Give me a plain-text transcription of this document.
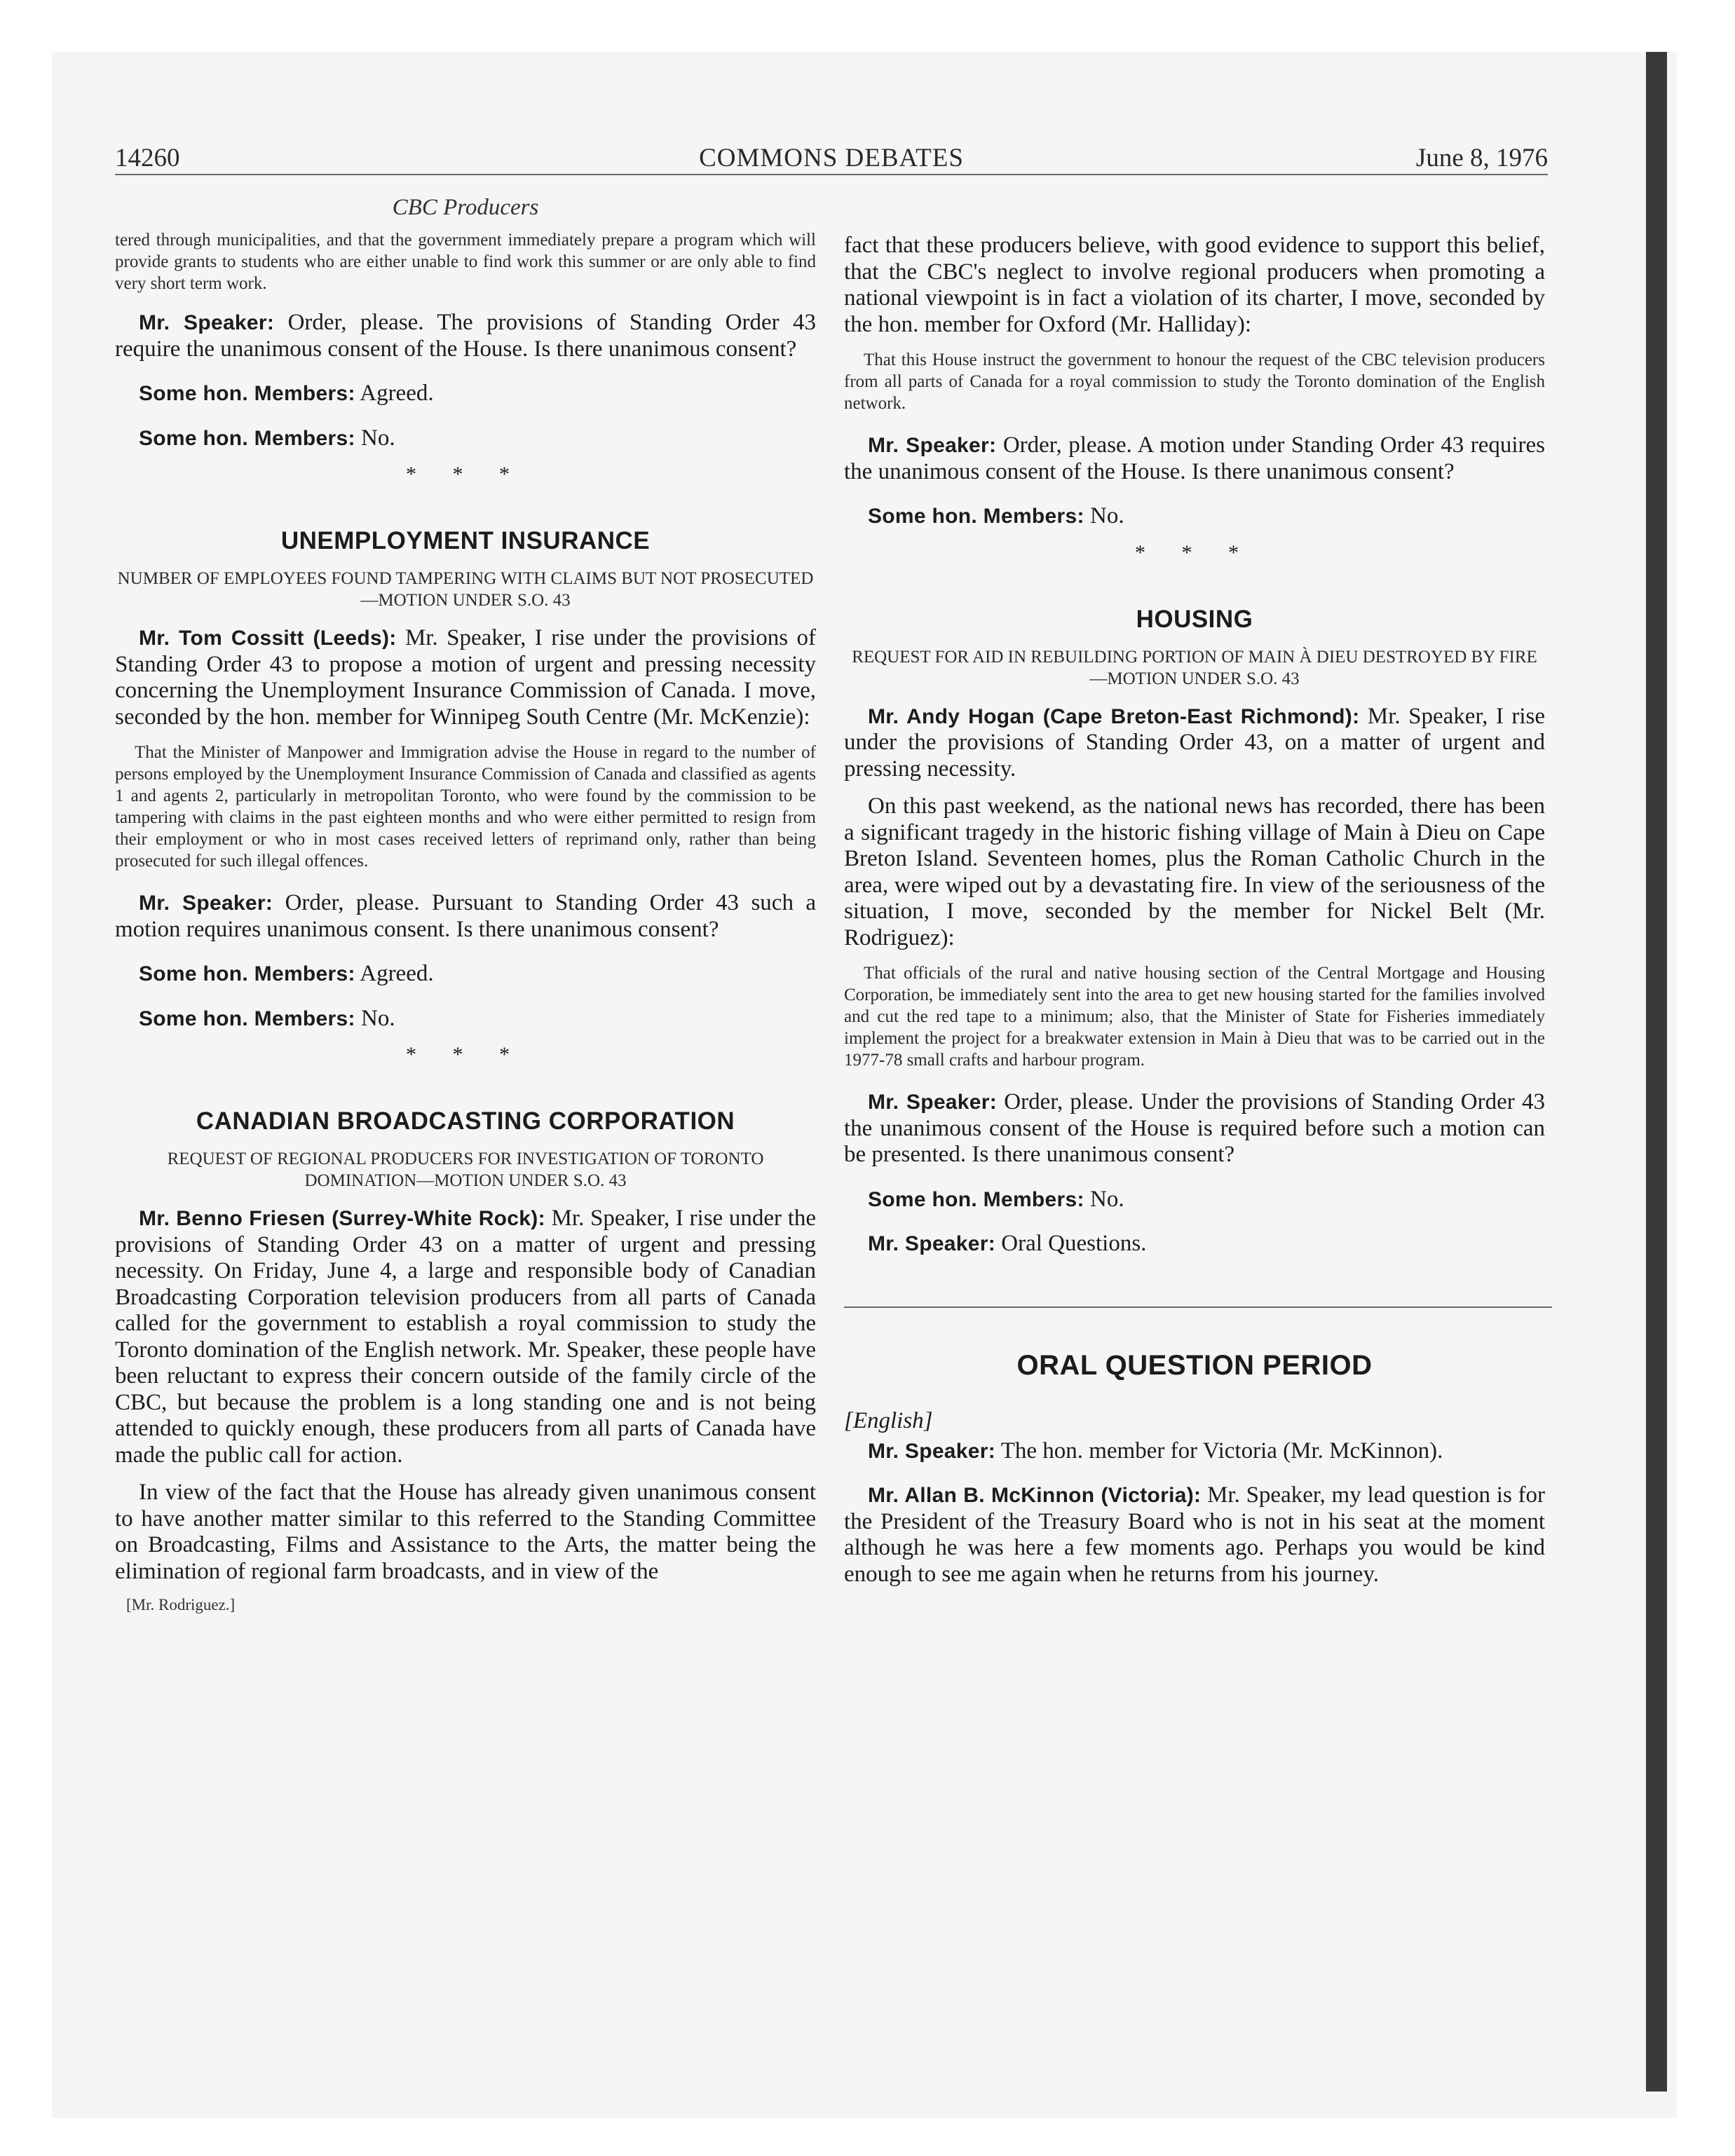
14260	COMMONS DEBATES	June 8, 1976

CBC Producers

tered through municipalities, and that the government immediately prepare a program which will provide grants to students who are either unable to find work this summer or are only able to find very short term work.

Mr. Speaker: Order, please. The provisions of Standing Order 43 require the unanimous consent of the House. Is there unanimous consent?

Some hon. Members: Agreed.

Some hon. Members: No.

* * *

UNEMPLOYMENT INSURANCE

NUMBER OF EMPLOYEES FOUND TAMPERING WITH CLAIMS BUT NOT PROSECUTED—MOTION UNDER S.O. 43

Mr. Tom Cossitt (Leeds): Mr. Speaker, I rise under the provisions of Standing Order 43 to propose a motion of urgent and pressing necessity concerning the Unemployment Insurance Commission of Canada. I move, seconded by the hon. member for Winnipeg South Centre (Mr. McKenzie):

That the Minister of Manpower and Immigration advise the House in regard to the number of persons employed by the Unemployment Insurance Commission of Canada and classified as agents 1 and agents 2, particularly in metropolitan Toronto, who were found by the commission to be tampering with claims in the past eighteen months and who were either permitted to resign from their employment or who in most cases received letters of reprimand only, rather than being prosecuted for such illegal offences.

Mr. Speaker: Order, please. Pursuant to Standing Order 43 such a motion requires unanimous consent. Is there unanimous consent?

Some hon. Members: Agreed.

Some hon. Members: No.

* * *

CANADIAN BROADCASTING CORPORATION

REQUEST OF REGIONAL PRODUCERS FOR INVESTIGATION OF TORONTO DOMINATION—MOTION UNDER S.O. 43

Mr. Benno Friesen (Surrey-White Rock): Mr. Speaker, I rise under the provisions of Standing Order 43 on a matter of urgent and pressing necessity. On Friday, June 4, a large and responsible body of Canadian Broadcasting Corporation television producers from all parts of Canada called for the government to establish a royal commission to study the Toronto domination of the English network. Mr. Speaker, these people have been reluctant to express their concern outside of the family circle of the CBC, but because the problem is a long standing one and is not being attended to quickly enough, these producers from all parts of Canada have made the public call for action.

In view of the fact that the House has already given unanimous consent to have another matter similar to this referred to the Standing Committee on Broadcasting, Films and Assistance to the Arts, the matter being the elimination of regional farm broadcasts, and in view of the

[Mr. Rodriguez.]

fact that these producers believe, with good evidence to support this belief, that the CBC's neglect to involve regional producers when promoting a national viewpoint is in fact a violation of its charter, I move, seconded by the hon. member for Oxford (Mr. Halliday):

That this House instruct the government to honour the request of the CBC television producers from all parts of Canada for a royal commission to study the Toronto domination of the English network.

Mr. Speaker: Order, please. A motion under Standing Order 43 requires the unanimous consent of the House. Is there unanimous consent?

Some hon. Members: No.

* * *

HOUSING

REQUEST FOR AID IN REBUILDING PORTION OF MAIN À DIEU DESTROYED BY FIRE—MOTION UNDER S.O. 43

Mr. Andy Hogan (Cape Breton-East Richmond): Mr. Speaker, I rise under the provisions of Standing Order 43, on a matter of urgent and pressing necessity.

On this past weekend, as the national news has recorded, there has been a significant tragedy in the historic fishing village of Main à Dieu on Cape Breton Island. Seventeen homes, plus the Roman Catholic Church in the area, were wiped out by a devastating fire. In view of the seriousness of the situation, I move, seconded by the member for Nickel Belt (Mr. Rodriguez):

That officials of the rural and native housing section of the Central Mortgage and Housing Corporation, be immediately sent into the area to get new housing started for the families involved and cut the red tape to a minimum; also, that the Minister of State for Fisheries immediately implement the project for a breakwater extension in Main à Dieu that was to be carried out in the 1977-78 small crafts and harbour program.

Mr. Speaker: Order, please. Under the provisions of Standing Order 43 the unanimous consent of the House is required before such a motion can be presented. Is there unanimous consent?

Some hon. Members: No.

Mr. Speaker: Oral Questions.

ORAL QUESTION PERIOD

[English]

Mr. Speaker: The hon. member for Victoria (Mr. McKinnon).

Mr. Allan B. McKinnon (Victoria): Mr. Speaker, my lead question is for the President of the Treasury Board who is not in his seat at the moment although he was here a few moments ago. Perhaps you would be kind enough to see me again when he returns from his journey.
